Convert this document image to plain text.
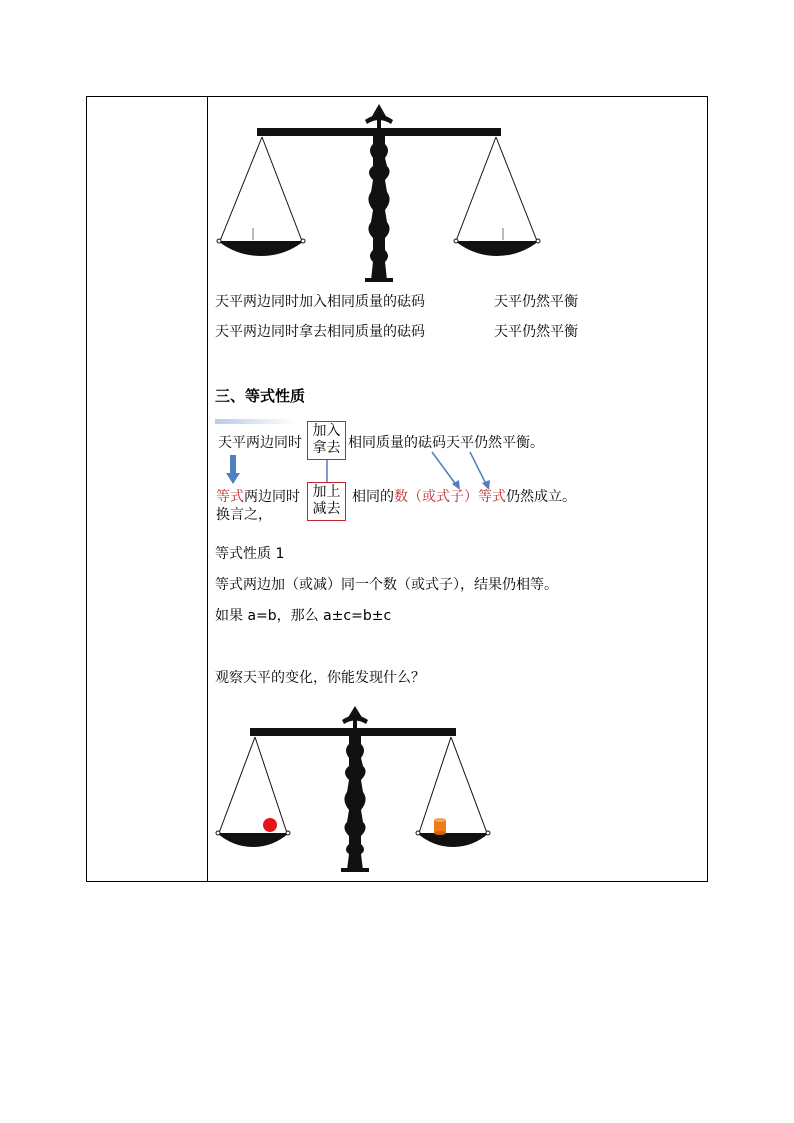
天平两边同时加入相同质量的砝码	天平仍然平衡
天平两边同时拿去相同质量的砝码	天平仍然平衡
三、等式性质
天平两边同时
加入
拿去 相同质量的砝码天平仍然平衡。
等式两边同时 加上
减去
相同的数（或式子）等式仍然成立。
换言之，
等式性质 1
等式两边加（或减）同一个数（或式子），结果仍相等。
如果 a=b，那么 a±c=b±c
观察天平的变化，你能发现什么？
